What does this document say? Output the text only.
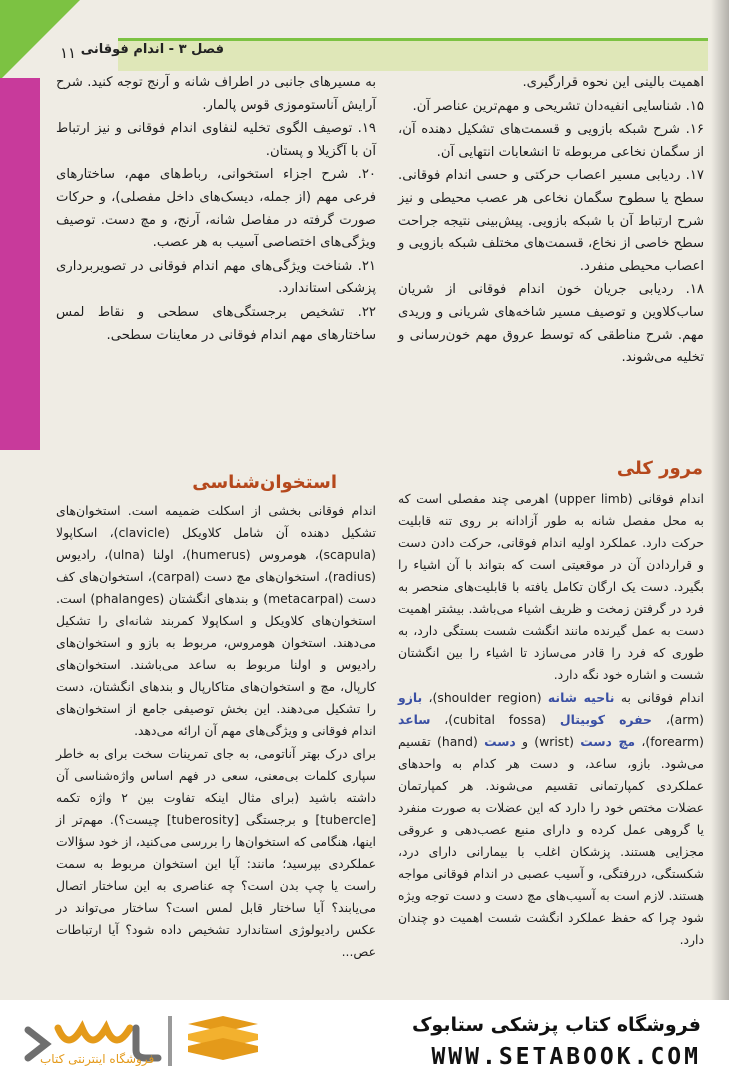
فصل ۳ - اندام فوقانی
۱۱

اهمیت بالینی این نحوه قرارگیری.

۱۵. شناسایی انفیه‌دان تشریحی و مهم‌ترین عناصر آن.

۱۶. شرح شبکه بازویی و قسمت‌های تشکیل دهنده آن، از سگمان نخاعی مربوطه تا انشعابات انتهایی آن.

۱۷. ردیابی مسیر اعصاب حرکتی و حسی اندام فوقانی. سطح یا سطوح سگمان نخاعی هر عصب محیطی و نیز شرح ارتباط آن با شبکه بازویی. پیش‌بینی نتیجه جراحت سطح خاصی از نخاع، قسمت‌های مختلف شبکه بازویی و اعصاب محیطی منفرد.

۱۸. ردیابی جریان خون اندام فوقانی از شریان ساب‌کلاوین و توصیف مسیر شاخه‌های شریانی و وریدی مهم. شرح مناطقی که توسط عروق مهم خون‌رسانی و تخلیه می‌شوند.

به مسیرهای جانبی در اطراف شانه و آرنج توجه کنید. شرح آرایش آناستوموزی قوس پالمار.

۱۹. توصیف الگوی تخلیه لنفاوی اندام فوقانی و نیز ارتباط آن با آگزیلا و پستان.

۲۰. شرح اجزاء استخوانی، رباط‌های مهم، ساختارهای فرعی مهم (از جمله، دیسک‌های داخل مفصلی)، و حرکات صورت گرفته در مفاصل شانه، آرنج، و مچ دست. توصیف ویژگی‌های اختصاصی آسیب به هر عصب.

۲۱. شناخت ویژگی‌های مهم اندام فوقانی در تصویربرداری پزشکی استاندارد.

۲۲. تشخیص برجستگی‌های سطحی و نقاط لمس ساختارهای مهم اندام فوقانی در معاینات سطحی.

مرور کلی

اندام فوقانی (upper limb) اهرمی چند مفصلی است که به محل مفصل شانه به طور آزادانه بر روی تنه قابلیت حرکت دارد. عملکرد اولیه اندام فوقانی، حرکت دادن دست و قراردادن آن در موقعیتی است که بتواند با آن اشیاء را بگیرد. دست یک ارگان تکامل یافته با قابلیت‌های منحصر به فرد در گرفتن زمخت و ظریف اشیاء می‌باشد. بیشتر اهمیت دست به عمل گیرنده مانند انگشت شست بستگی دارد، به طوری که فرد را قادر می‌سازد تا اشیاء را بین انگشتان شست و اشاره خود نگه دارد.

اندام فوقانی به ناحیه شانه (shoulder region)، بازو (arm)، حفره کوبیتال (cubital fossa)، ساعد (forearm)، مچ دست (wrist) و دست (hand) تقسیم می‌شود. بازو، ساعد، و دست هر کدام به واحدهای عملکردی کمپارتمانی تقسیم می‌شوند. هر کمپارتمان عضلات مختص خود را دارد که این عضلات به صورت منفرد یا گروهی عمل کرده و دارای منبع عصب‌دهی و عروقی مجزایی هستند. پزشکان اغلب با بیمارانی دارای درد، شکستگی، دررفتگی، و آسیب عصبی در اندام فوقانی مواجه هستند. لازم است به آسیب‌های مچ دست و دست توجه ویژه شود چرا که حفظ عملکرد انگشت شست اهمیت دو چندان دارد.

استخوان‌شناسی

اندام فوقانی بخشی از اسکلت ضمیمه است. استخوان‌های تشکیل دهنده آن شامل کلاویکل (clavicle)، اسکاپولا (scapula)، هومروس (humerus)، اولنا (ulna)، رادیوس (radius)، استخوان‌های مچ دست (carpal)، استخوان‌های کف دست (metacarpal) و بندهای انگشتان (phalanges) است. استخوان‌های کلاویکل و اسکاپولا کمربند شانه‌ای را تشکیل می‌دهند. استخوان هومروس، مربوط به بازو و استخوان‌های رادیوس و اولنا مربوط به ساعد می‌باشند. استخوان‌های کارپال، مچ و استخوان‌های متاکارپال و بندهای انگشتان، دست را تشکیل می‌دهند. این بخش توصیفی جامع از استخوان‌های اندام فوقانی و ویژگی‌های مهم آن ارائه می‌دهد.

برای درک بهتر آناتومی، به جای تمرینات سخت برای به خاطر سپاری کلمات بی‌معنی، سعی در فهم اساس واژه‌شناسی آن داشته باشید (برای مثال اینکه تفاوت بین ۲ واژه تکمه [tubercle] و برجستگی [tuberosity] چیست؟). مهم‌تر از اینها، هنگامی که استخوان‌ها را بررسی می‌کنید، از خود سؤالات عملکردی بپرسید؛ مانند: آیا این استخوان مربوط به سمت راست یا چپ بدن است؟ چه عناصری به این ساختار اتصال می‌یابند؟ آیا ساختار قابل لمس است؟ ساختار می‌تواند در عکس رادیولوژی استاندارد تشخیص داده شود؟ آیا ارتباطات عص...

فروشگاه کتاب پزشکی ستابوک
WWW.SETABOOK.COM
فروشگاه اینترنتی کتاب
